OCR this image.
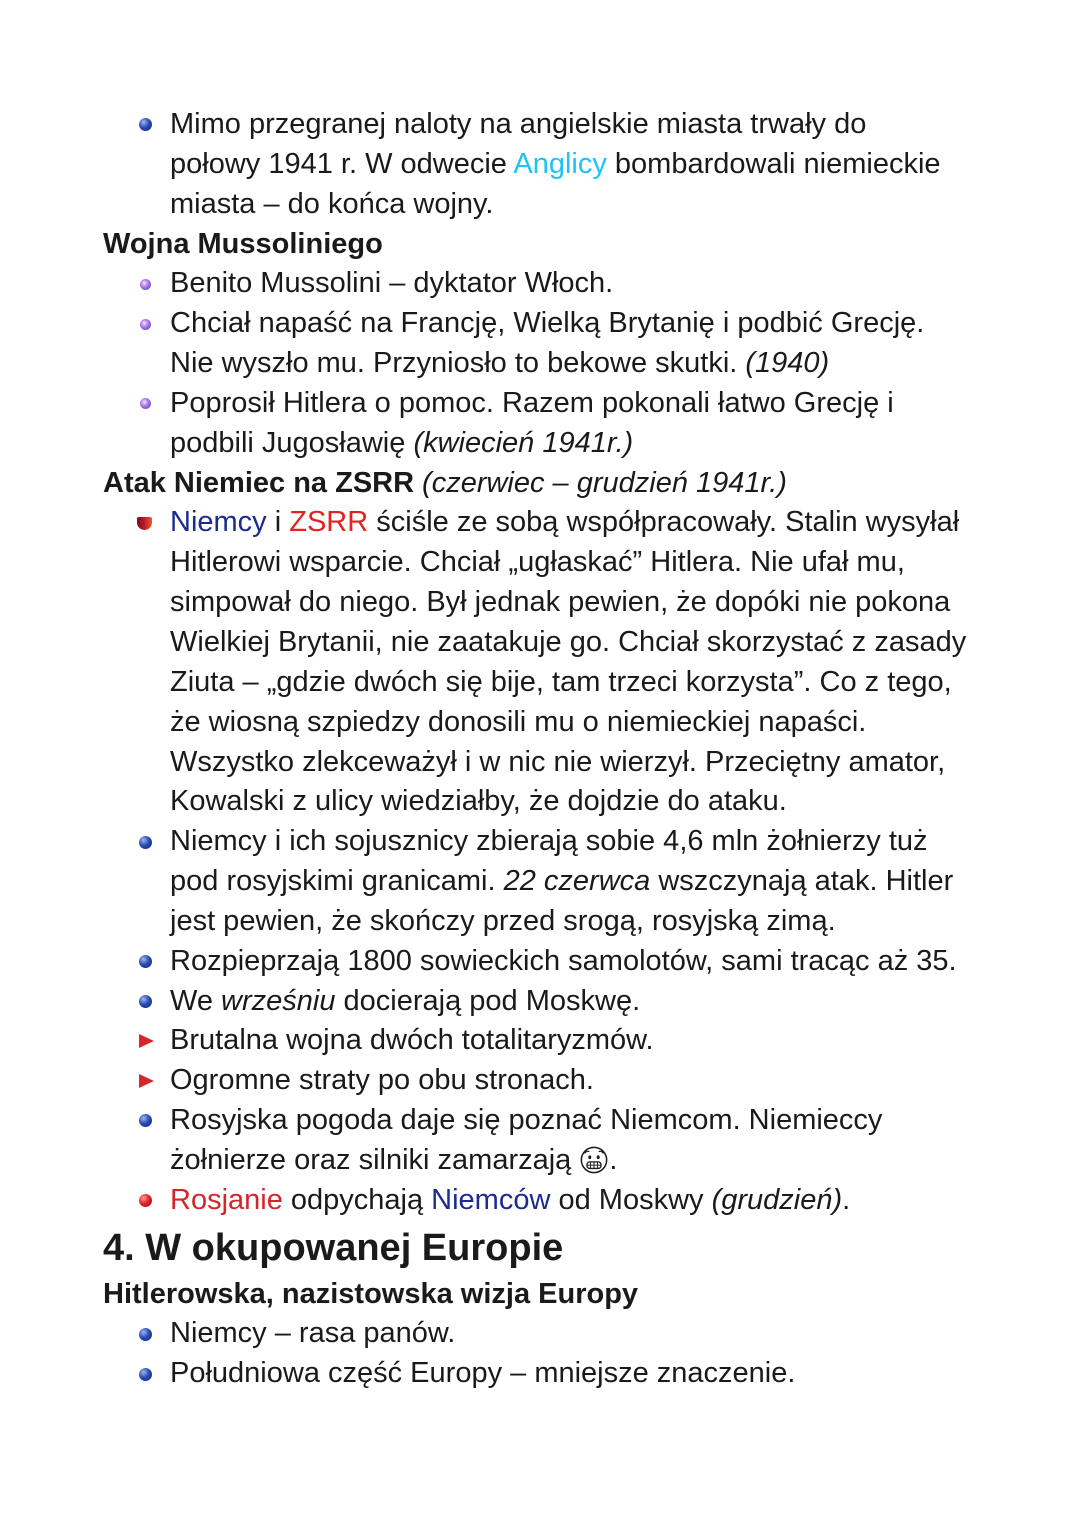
Mimo przegranej naloty na angielskie miasta trwały do
połowy 1941 r. W odwecie Anglicy bombardowali niemieckie
miasta – do końca wojny.
Wojna Mussoliniego
Benito Mussolini – dyktator Włoch.
Chciał napaść na Francję, Wielką Brytanię i podbić Grecję.
Nie wyszło mu. Przyniosło to bekowe skutki. (1940)
Poprosił Hitlera o pomoc. Razem pokonali łatwo Grecję i
podbili Jugosławię (kwiecień 1941r.)
Atak Niemiec na ZSRR (czerwiec – grudzień 1941r.)
Niemcy i ZSRR ściśle ze sobą współpracowały. Stalin wysyłał
Hitlerowi wsparcie. Chciał „ugłaskać” Hitlera. Nie ufał mu,
simpował do niego. Był jednak pewien, że dopóki nie pokona
Wielkiej Brytanii, nie zaatakuje go. Chciał skorzystać z zasady
Ziuta – „gdzie dwóch się bije, tam trzeci korzysta”. Co z tego,
że wiosną szpiedzy donosili mu o niemieckiej napaści.
Wszystko zlekceważył i w nic nie wierzył. Przeciętny amator,
Kowalski z ulicy wiedziałby, że dojdzie do ataku.
Niemcy i ich sojusznicy zbierają sobie 4,6 mln żołnierzy tuż
pod rosyjskimi granicami. 22 czerwca wszczynają atak. Hitler
jest pewien, że skończy przed srogą, rosyjską zimą.
Rozpieprzają 1800 sowieckich samolotów, sami tracąc aż 35.
We wrześniu docierają pod Moskwę.
Brutalna wojna dwóch totalitaryzmów.
Ogromne straty po obu stronach.
Rosyjska pogoda daje się poznać Niemcom. Niemieccy
żołnierze oraz silniki zamarzają .
Rosjanie odpychają Niemców od Moskwy (grudzień).
4. W okupowanej Europie
Hitlerowska, nazistowska wizja Europy
Niemcy – rasa panów.
Południowa część Europy – mniejsze znaczenie.
